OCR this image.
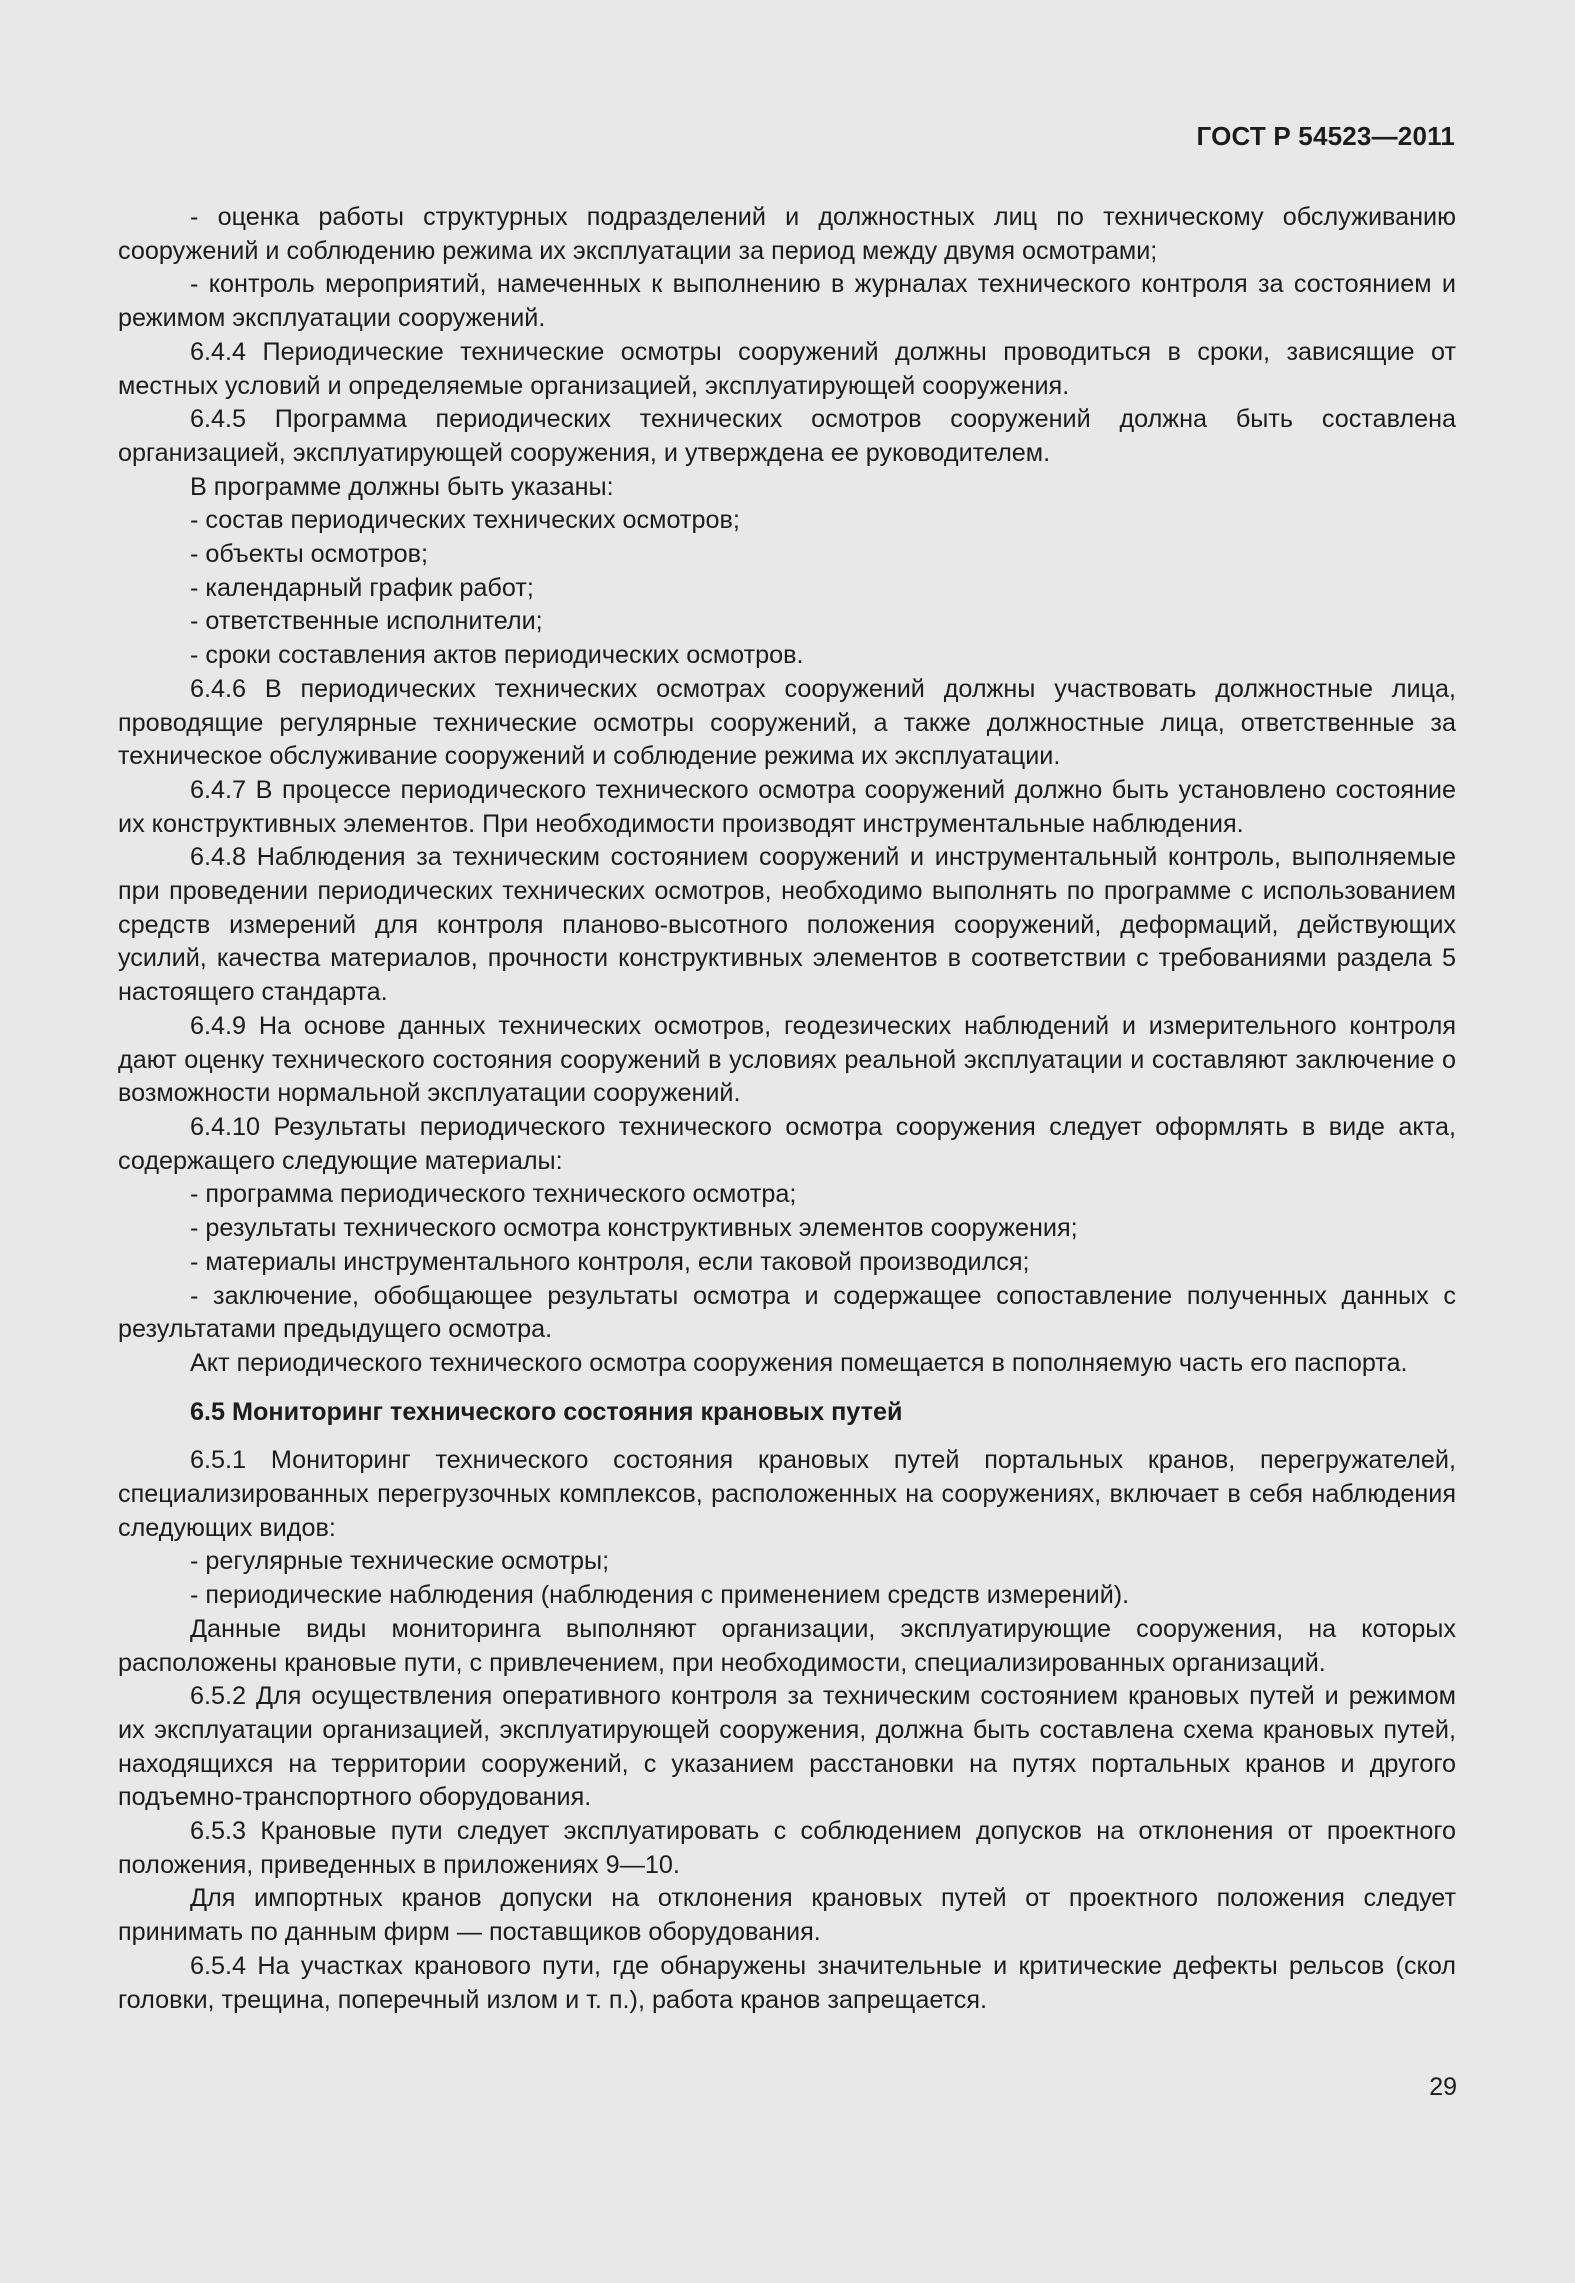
ГОСТ Р 54523—2011

- оценка работы структурных подразделений и должностных лиц по техническому обслуживанию сооружений и соблюдению режима их эксплуатации за период между двумя осмотрами;

- контроль мероприятий, намеченных к выполнению в журналах технического контроля за состоянием и режимом эксплуатации сооружений.

6.4.4 Периодические технические осмотры сооружений должны проводиться в сроки, зависящие от местных условий и определяемые организацией, эксплуатирующей сооружения.

6.4.5 Программа периодических технических осмотров сооружений должна быть составлена организацией, эксплуатирующей сооружения, и утверждена ее руководителем.

В программе должны быть указаны:

- состав периодических технических осмотров;

- объекты осмотров;

- календарный график работ;

- ответственные исполнители;

- сроки составления актов периодических осмотров.

6.4.6 В периодических технических осмотрах сооружений должны участвовать должностные лица, проводящие регулярные технические осмотры сооружений, а также должностные лица, ответственные за техническое обслуживание сооружений и соблюдение режима их эксплуатации.

6.4.7 В процессе периодического технического осмотра сооружений должно быть установлено состояние их конструктивных элементов. При необходимости производят инструментальные наблюдения.

6.4.8 Наблюдения за техническим состоянием сооружений и инструментальный контроль, выполняемые при проведении периодических технических осмотров, необходимо выполнять по программе с использованием средств измерений для контроля планово-высотного положения сооружений, деформаций, действующих усилий, качества материалов, прочности конструктивных элементов в соответствии с требованиями раздела 5 настоящего стандарта.

6.4.9 На основе данных технических осмотров, геодезических наблюдений и измерительного контроля дают оценку технического состояния сооружений в условиях реальной эксплуатации и составляют заключение о возможности нормальной эксплуатации сооружений.

6.4.10 Результаты периодического технического осмотра сооружения следует оформлять в виде акта, содержащего следующие материалы:

- программа периодического технического осмотра;

- результаты технического осмотра конструктивных элементов сооружения;

- материалы инструментального контроля, если таковой производился;

- заключение, обобщающее результаты осмотра и содержащее сопоставление полученных данных с результатами предыдущего осмотра.

Акт периодического технического осмотра сооружения помещается в пополняемую часть его паспорта.

6.5 Мониторинг технического состояния крановых путей

6.5.1 Мониторинг технического состояния крановых путей портальных кранов, перегружателей, специализированных перегрузочных комплексов, расположенных на сооружениях, включает в себя наблюдения следующих видов:

- регулярные технические осмотры;

- периодические наблюдения (наблюдения с применением средств измерений).

Данные виды мониторинга выполняют организации, эксплуатирующие сооружения, на которых расположены крановые пути, с привлечением, при необходимости, специализированных организаций.

6.5.2 Для осуществления оперативного контроля за техническим состоянием крановых путей и режимом их эксплуатации организацией, эксплуатирующей сооружения, должна быть составлена схема крановых путей, находящихся на территории сооружений, с указанием расстановки на путях портальных кранов и другого подъемно-транспортного оборудования.

6.5.3 Крановые пути следует эксплуатировать с соблюдением допусков на отклонения от проектного положения, приведенных в приложениях 9—10.

Для импортных кранов допуски на отклонения крановых путей от проектного положения следует принимать по данным фирм — поставщиков оборудования.

6.5.4 На участках кранового пути, где обнаружены значительные и критические дефекты рельсов (скол головки, трещина, поперечный излом и т. п.), работа кранов запрещается.

29
